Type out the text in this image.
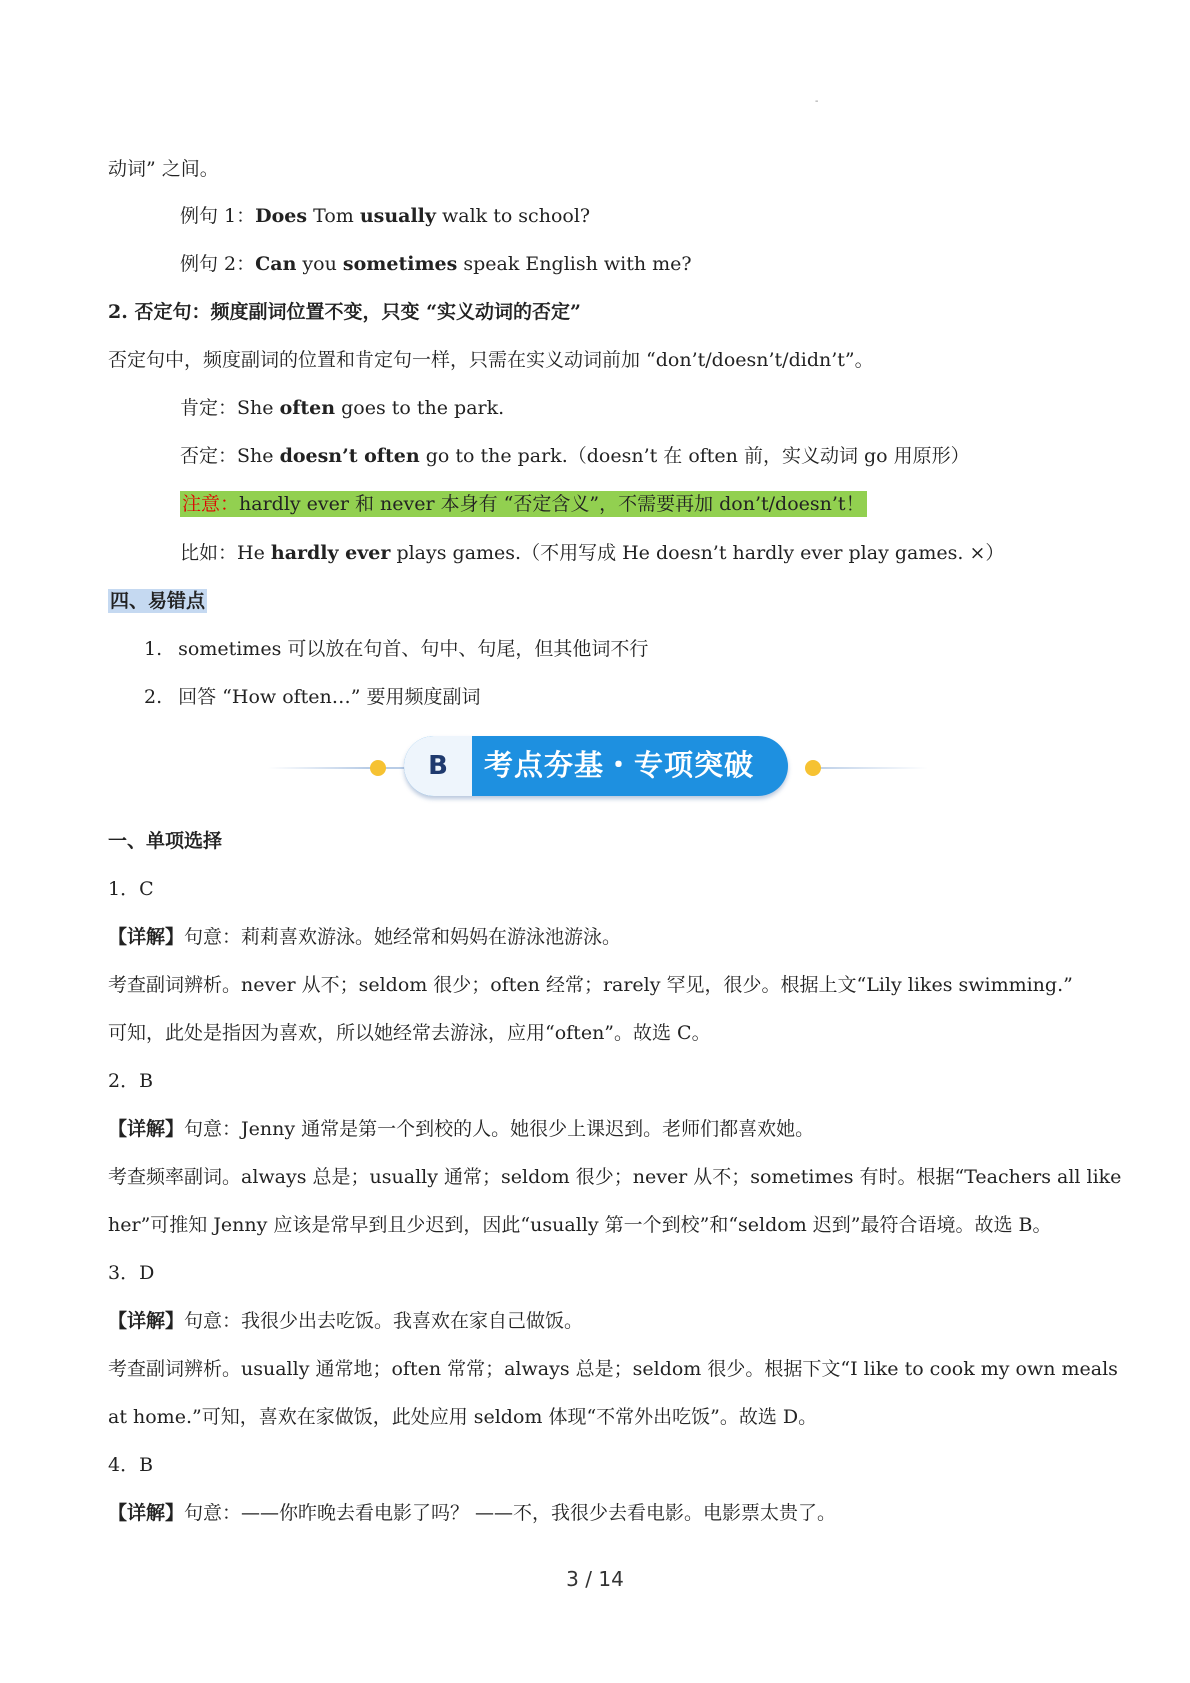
-
动词” 之间。
例句 1：Does Tom usually walk to school?
例句 2：Can you sometimes speak English with me?
2. 否定句：频度副词位置不变，只变 “实义动词的否定”
否定句中，频度副词的位置和肯定句一样，只需在实义动词前加 “don’t/doesn’t/didn’t”。
肯定：She often goes to the park.
否定：She doesn’t often go to the park.（doesn’t 在 often 前，实义动词 go 用原形）
注意：hardly ever 和 never 本身有 “否定含义”，不需要再加 don’t/doesn’t！
比如：He hardly ever plays games.（不用写成 He doesn’t hardly ever play games. ×）
四、易错点
1. sometimes 可以放在句首、句中、句尾，但其他词不行
2. 回答 “How often…” 要用频度副词
B	考点夯基・专项突破
一、单项选择
1．C
【详解】句意：莉莉喜欢游泳。她经常和妈妈在游泳池游泳。
考查副词辨析。never 从不；seldom 很少；often 经常；rarely 罕见，很少。根据上文“Lily likes swimming.”
可知，此处是指因为喜欢，所以她经常去游泳，应用“often”。故选 C。
2．B
【详解】句意：Jenny 通常是第一个到校的人。她很少上课迟到。老师们都喜欢她。
考查频率副词。always 总是；usually 通常；seldom 很少；never 从不；sometimes 有时。根据“Teachers all like
her”可推知 Jenny 应该是常早到且少迟到，因此“usually 第一个到校”和“seldom 迟到”最符合语境。故选 B。
3．D
【详解】句意：我很少出去吃饭。我喜欢在家自己做饭。
考查副词辨析。usually 通常地；often 常常；always 总是；seldom 很少。根据下文“I like to cook my own meals
at home.”可知，喜欢在家做饭，此处应用 seldom 体现“不常外出吃饭”。故选 D。
4．B
【详解】句意：——你昨晚去看电影了吗？ ——不，我很少去看电影。电影票太贵了。
3 / 14
